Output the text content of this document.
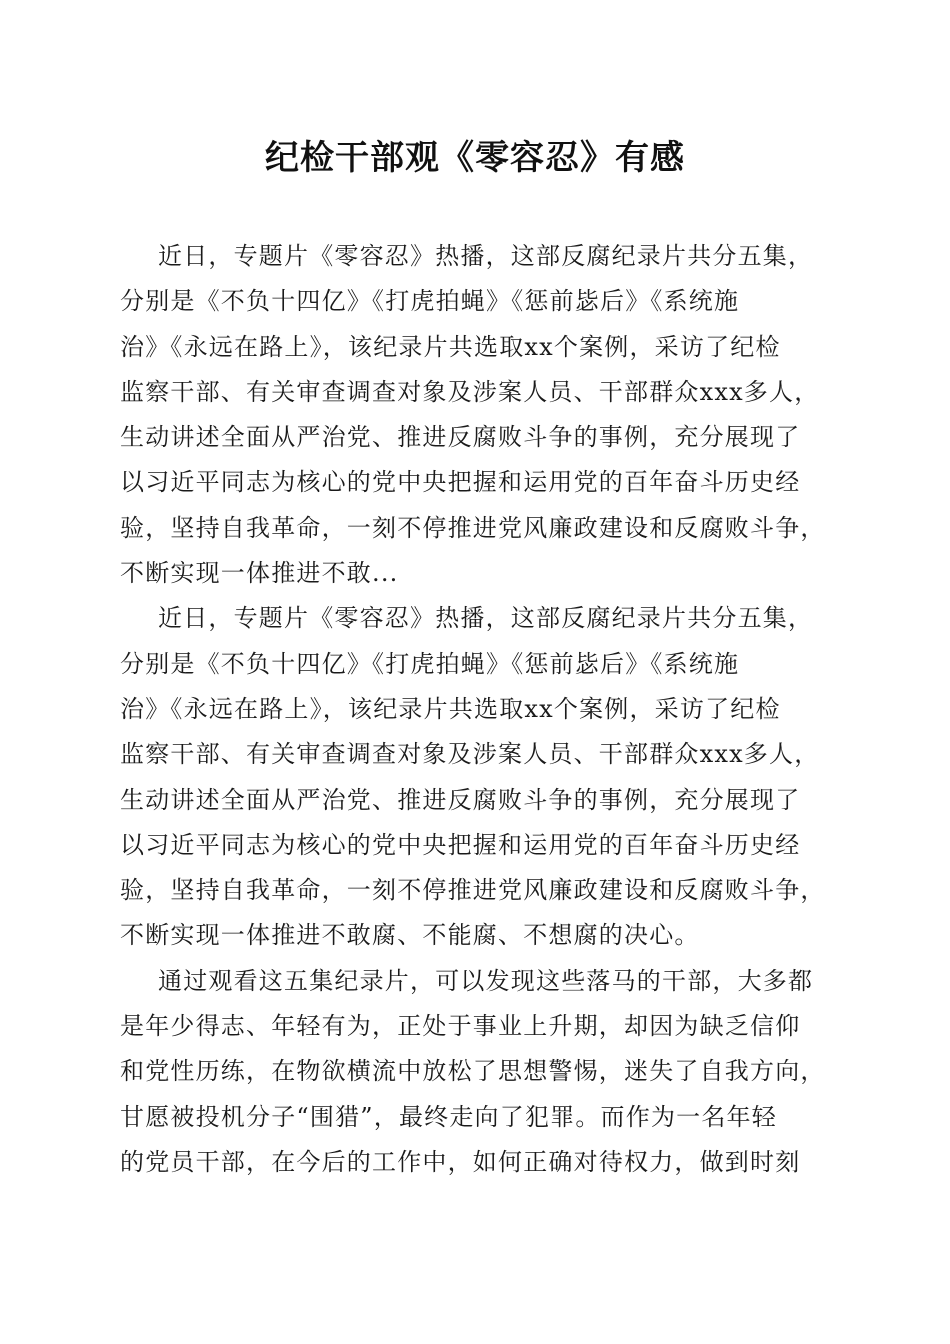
纪检干部观《零容忍》有感
近日，专题片《零容忍》热播，这部反腐纪录片共分五集，
分别是《不负十四亿》《打虎拍蝇》《惩前毖后》《系统施
治》《永远在路上》，该纪录片共选取xx个案例，采访了纪检
监察干部、有关审查调查对象及涉案人员、干部群众xxx多人，
生动讲述全面从严治党、推进反腐败斗争的事例，充分展现了
以习近平同志为核心的党中央把握和运用党的百年奋斗历史经
验，坚持自我革命，一刻不停推进党风廉政建设和反腐败斗争，
不断实现一体推进不敢...
近日，专题片《零容忍》热播，这部反腐纪录片共分五集，
分别是《不负十四亿》《打虎拍蝇》《惩前毖后》《系统施
治》《永远在路上》，该纪录片共选取xx个案例，采访了纪检
监察干部、有关审查调查对象及涉案人员、干部群众xxx多人，
生动讲述全面从严治党、推进反腐败斗争的事例，充分展现了
以习近平同志为核心的党中央把握和运用党的百年奋斗历史经
验，坚持自我革命，一刻不停推进党风廉政建设和反腐败斗争，
不断实现一体推进不敢腐、不能腐、不想腐的决心。
通过观看这五集纪录片，可以发现这些落马的干部，大多都
是年少得志、年轻有为，正处于事业上升期，却因为缺乏信仰
和党性历练，在物欲横流中放松了思想警惕，迷失了自我方向，
甘愿被投机分子“围猎”，最终走向了犯罪。而作为一名年轻
的党员干部，在今后的工作中，如何正确对待权力，做到时刻
